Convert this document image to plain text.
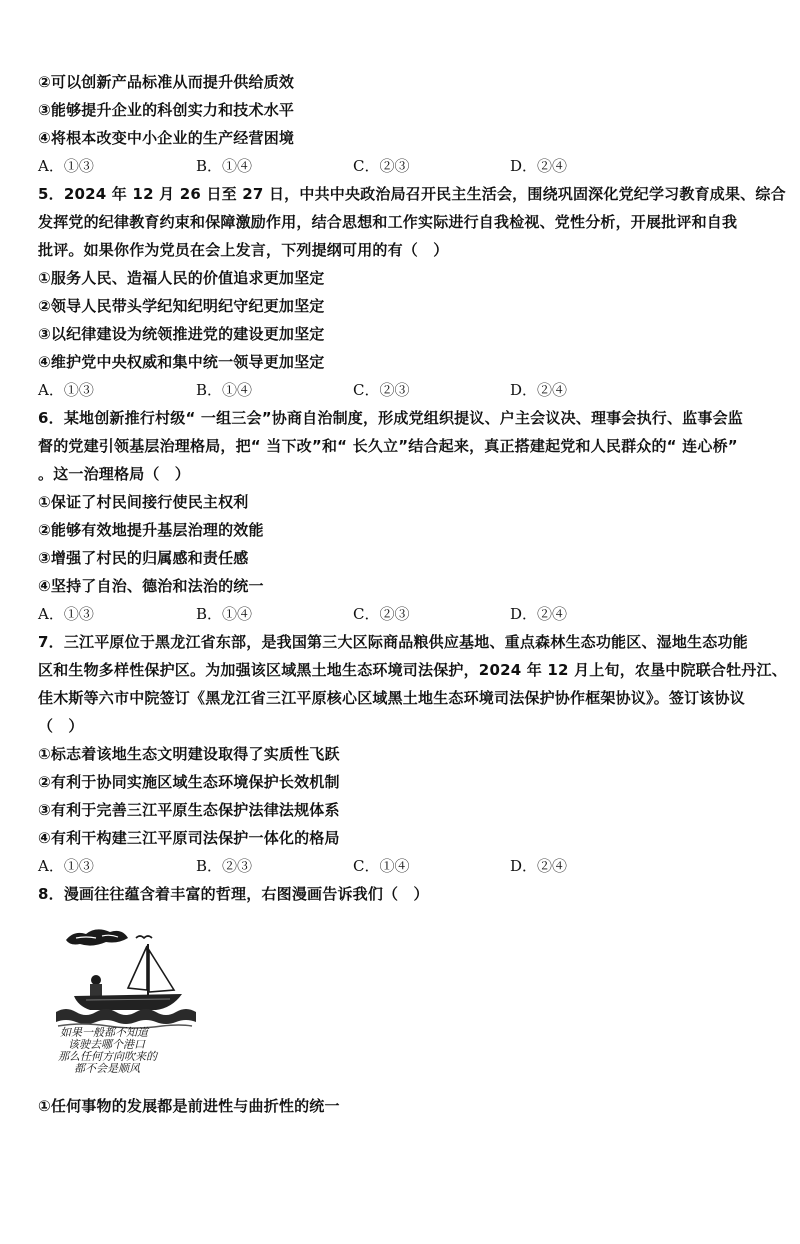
②可以创新产品标准从而提升供给质效
③能够提升企业的科创实力和技术水平
④将根本改变中小企业的生产经营困境
A．①③	B．①④	C．②③	D．②④
5．2024 年 12 月 26 日至 27 日，中共中央政治局召开民主生活会，围绕巩固深化党纪学习教育成果、综合
发挥党的纪律教育约束和保障激励作用，结合思想和工作实际进行自我检视、党性分析，开展批评和自我
批评。如果你作为党员在会上发言，下列提纲可用的有（　）
①服务人民、造福人民的价值追求更加坚定
②领导人民带头学纪知纪明纪守纪更加坚定
③以纪律建设为统领推进党的建设更加坚定
④维护党中央权威和集中统一领导更加坚定
A．①③	B．①④	C．②③	D．②④
6．某地创新推行村级“ 一组三会”协商自治制度，形成党组织提议、户主会议决、理事会执行、监事会监
督的党建引领基层治理格局，把“ 当下改”和“ 长久立”结合起来，真正搭建起党和人民群众的“ 连心桥”
。这一治理格局（　）
①保证了村民间接行使民主权利
②能够有效地提升基层治理的效能
③增强了村民的归属感和责任感
④坚持了自治、德治和法治的统一
A．①③	B．①④	C．②③	D．②④
7．三江平原位于黑龙江省东部，是我国第三大区际商品粮供应基地、重点森林生态功能区、湿地生态功能
区和生物多样性保护区。为加强该区域黑土地生态环境司法保护，2024 年 12 月上旬，农垦中院联合牡丹江、
佳木斯等六市中院签订《黑龙江省三江平原核心区域黑土地生态环境司法保护协作框架协议》。签订该协议
（　）
①标志着该地生态文明建设取得了实质性飞跃
②有利于协同实施区域生态环境保护长效机制
③有利于完善三江平原生态保护法律法规体系
④有利干构建三江平原司法保护一体化的格局
A．①③	B．②③	C．①④	D．②④
8．漫画往往蕴含着丰富的哲理，右图漫画告诉我们（　）
如果一般都不知道
该驶去哪个港口
那么任何方向吹来的
都不会是顺风
①任何事物的发展都是前进性与曲折性的统一
